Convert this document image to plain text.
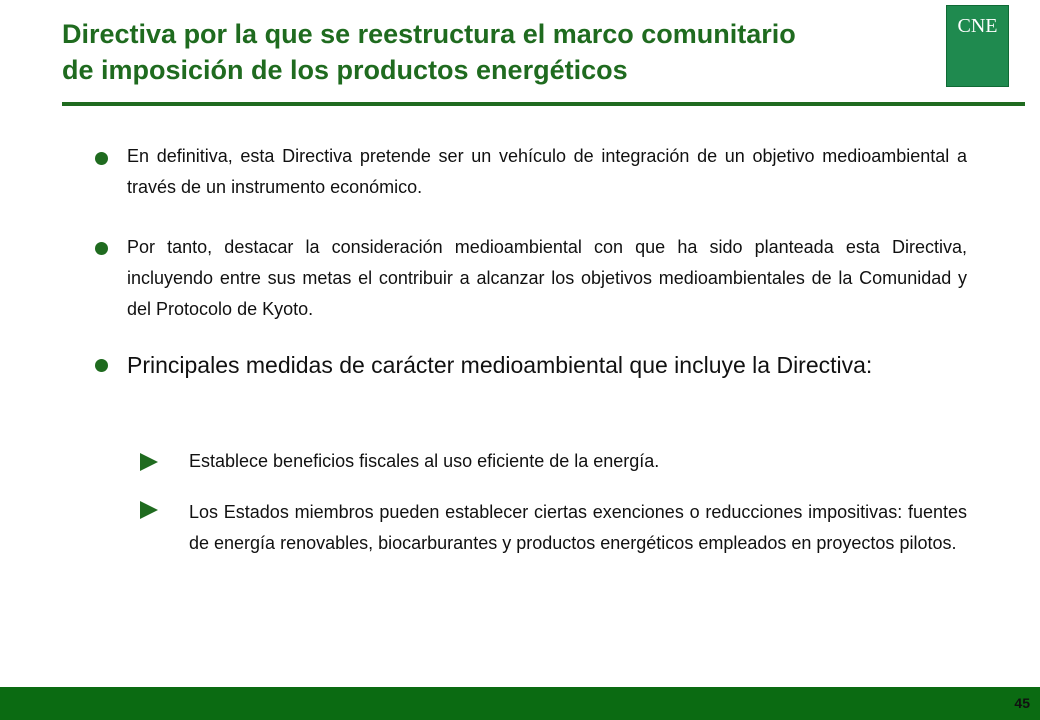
Directiva por la que se reestructura el marco comunitario
de imposición de los productos energéticos
CNE

En definitiva, esta Directiva pretende ser un vehículo de integración de un objetivo medioambiental a través de un instrumento económico.

Por tanto, destacar la consideración medioambiental con que ha sido planteada esta Directiva, incluyendo entre sus metas el contribuir a alcanzar los objetivos medioambientales de la Comunidad y del Protocolo de Kyoto.

Principales medidas de carácter medioambiental que incluye la Directiva:

Establece beneficios fiscales al uso eficiente de la energía.

Los Estados miembros pueden establecer ciertas exenciones o reducciones impositivas: fuentes de energía renovables, biocarburantes y productos energéticos empleados en proyectos pilotos.

45
